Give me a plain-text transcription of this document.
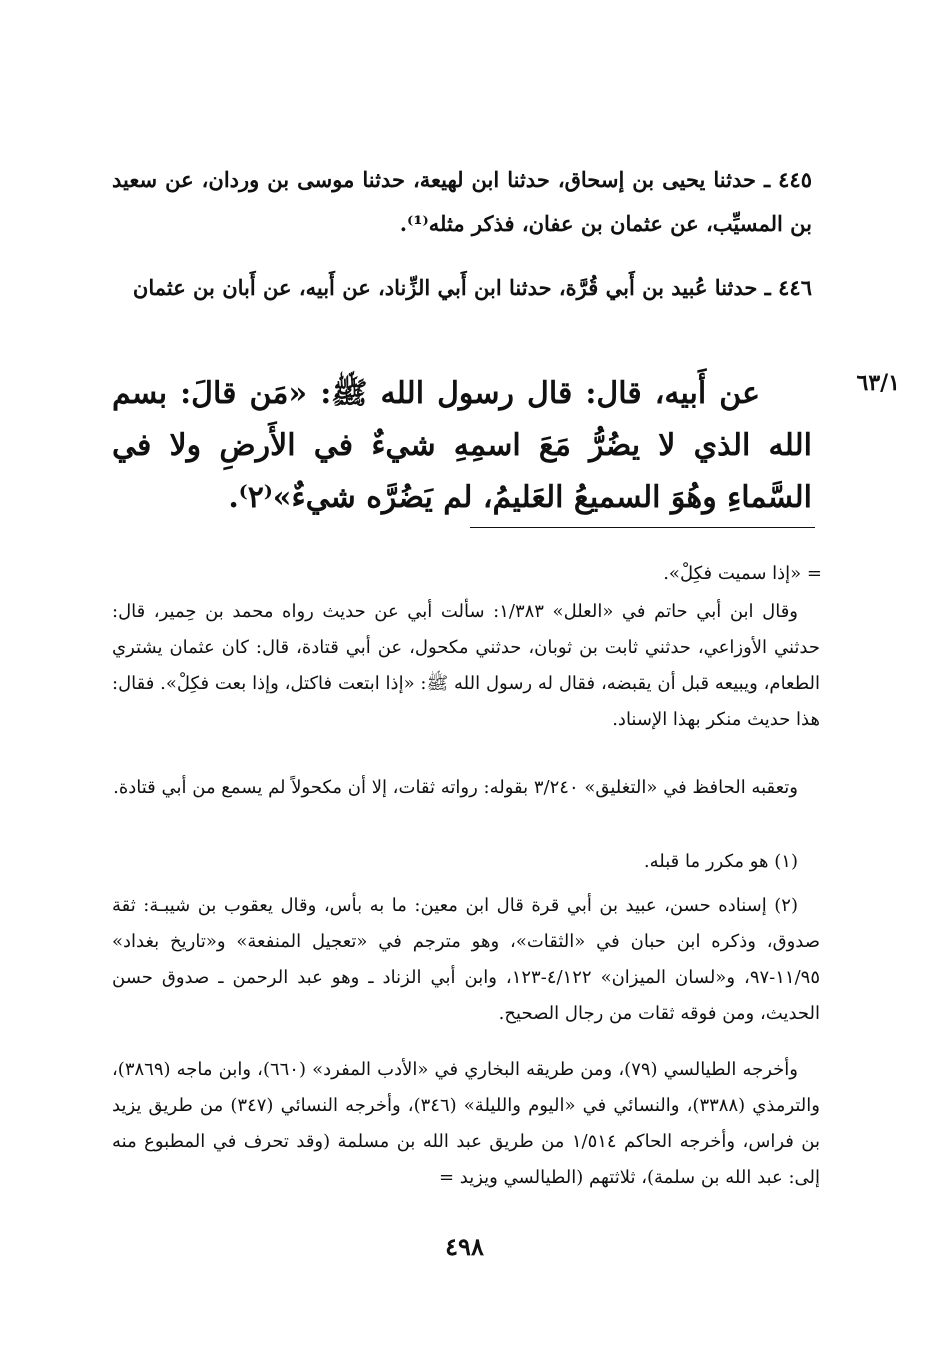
٤٤٥ ـ حدثنا يحيى بن إسحاق، حدثنا ابن لهيعة، حدثنا موسى بن وردان، عن سعيد بن المسيِّب، عن عثمان بن عفان، فذكر مثله⁽¹⁾.
٤٤٦ ـ حدثنا عُبيد بن أَبي قُرَّة، حدثنا ابن أَبي الزِّناد، عن أَبيه، عن أَبان بن عثمان
٦٣/١
عن أَبيه، قال: قال رسول الله ﷺ: «مَن قالَ: بسم الله الذي لا يضُرُّ مَعَ اسمِهِ شيءٌ في الأَرضِ ولا في السَّماءِ وهُوَ السميعُ العَليمُ، لم يَضُرَّه شيءٌ»⁽٢⁾.
= «إذا سميت فكِلْ».
وقال ابن أبي حاتم في «العلل» ١/٣٨٣: سألت أبي عن حديث رواه محمد بن حِمير، قال: حدثني الأوزاعي، حدثني ثابت بن ثوبان، حدثني مكحول، عن أبي قتادة، قال: كان عثمان يشتري الطعام، ويبيعه قبل أن يقبضه، فقال له رسول الله ﷺ: «إذا ابتعت فاكتل، وإذا بعت فكِلْ». فقال: هذا حديث منكر بهذا الإسناد.
وتعقبه الحافظ في «التغليق» ٣/٢٤٠ بقوله: رواته ثقات، إلا أن مكحولاً لم يسمع من أبي قتادة.
(١) هو مكرر ما قبله.
(٢) إسناده حسن، عبيد بن أبي قرة قال ابن معين: ما به بأس، وقال يعقوب بن شيبـة: ثقة صدوق، وذكره ابن حبان في «الثقات»، وهو مترجم في «تعجيل المنفعة» و«تاريخ بغداد» ١١/٩٥-٩٧، و«لسان الميزان» ٤/١٢٢-١٢٣، وابن أبي الزناد ـ وهو عبد الرحمن ـ صدوق حسن الحديث، ومن فوقه ثقات من رجال الصحيح.
وأخرجه الطيالسي (٧٩)، ومن طريقه البخاري في «الأدب المفرد» (٦٦٠)، وابن ماجه (٣٨٦٩)، والترمذي (٣٣٨٨)، والنسائي في «اليوم والليلة» (٣٤٦)، وأخرجه النسائي (٣٤٧) من طريق يزيد بن فراس، وأخرجه الحاكم ١/٥١٤ من طريق عبد الله بن مسلمة (وقد تحرف في المطبوع منه إلى: عبد الله بن سلمة)، ثلاثتهم (الطيالسي ويزيد =
٤٩٨
